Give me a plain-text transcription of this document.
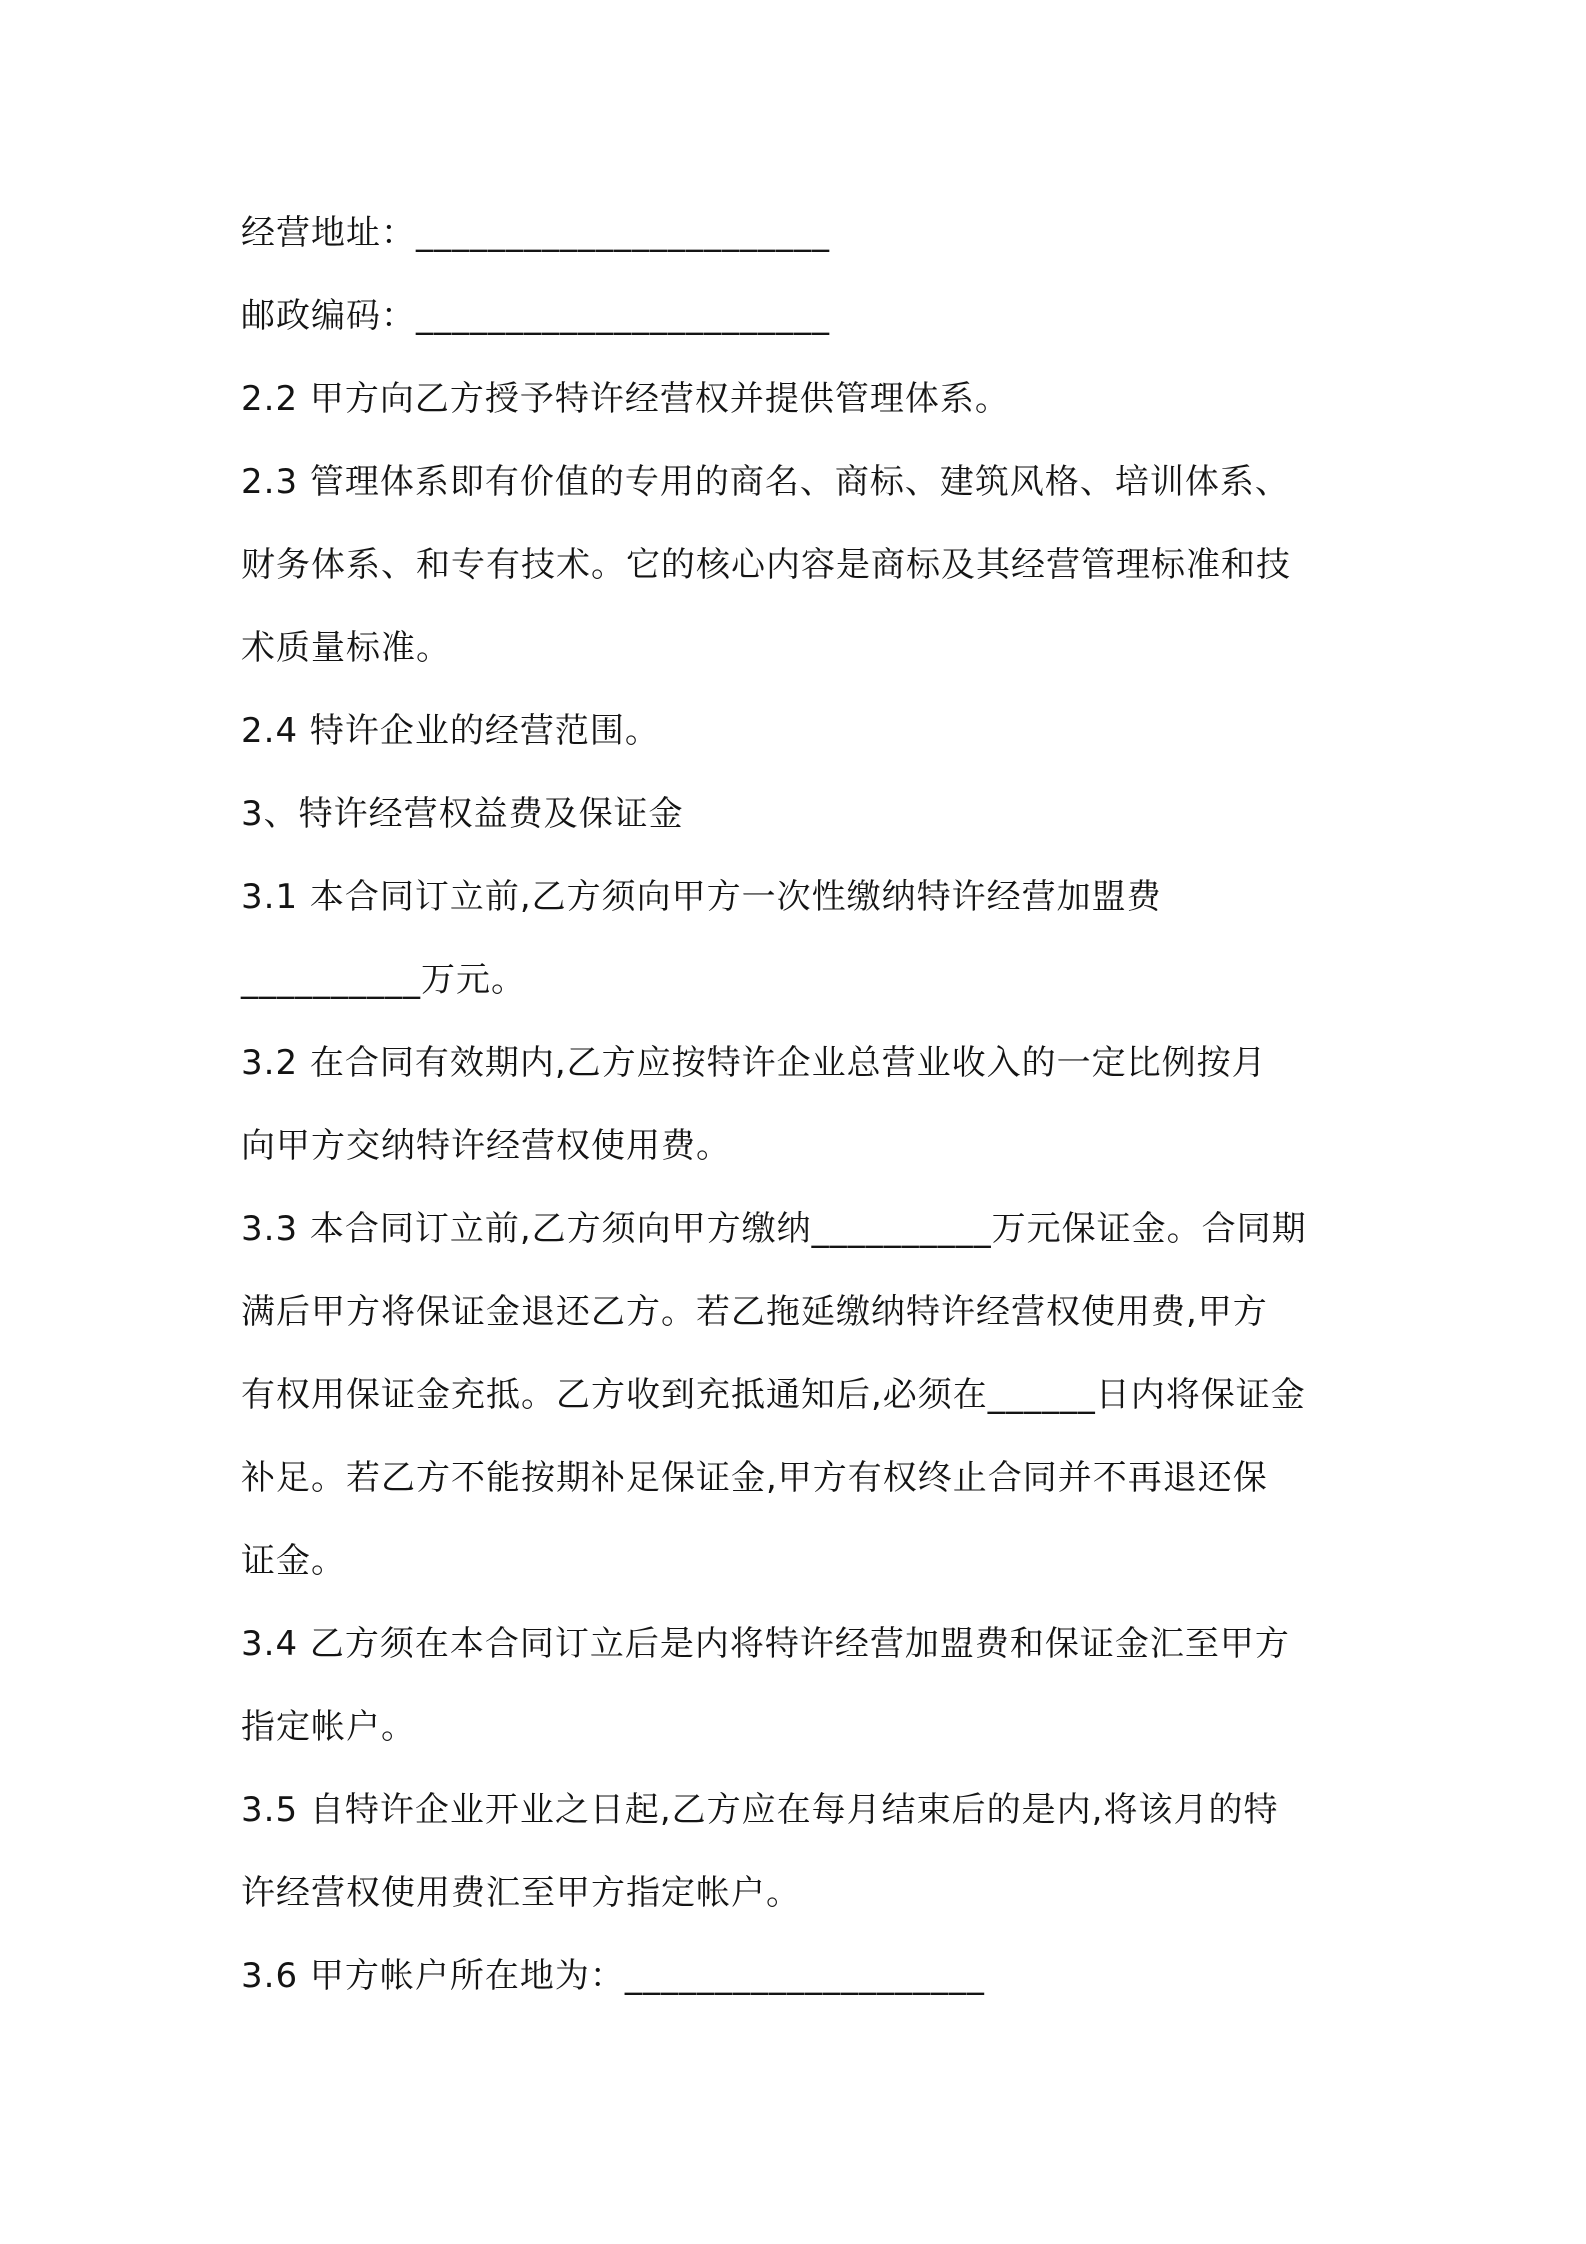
经营地址：_______________________
邮政编码：_______________________
2.2 甲方向乙方授予特许经营权并提供管理体系。
2.3 管理体系即有价值的专用的商名、商标、建筑风格、培训体系、
财务体系、和专有技术。它的核心内容是商标及其经营管理标准和技
术质量标准。
2.4 特许企业的经营范围。
3、特许经营权益费及保证金
3.1 本合同订立前,乙方须向甲方一次性缴纳特许经营加盟费
__________万元。
3.2 在合同有效期内,乙方应按特许企业总营业收入的一定比例按月
向甲方交纳特许经营权使用费。
3.3 本合同订立前,乙方须向甲方缴纳__________万元保证金。合同期
满后甲方将保证金退还乙方。若乙拖延缴纳特许经营权使用费,甲方
有权用保证金充抵。乙方收到充抵通知后,必须在______日内将保证金
补足。若乙方不能按期补足保证金,甲方有权终止合同并不再退还保
证金。
3.4 乙方须在本合同订立后是内将特许经营加盟费和保证金汇至甲方
指定帐户。
3.5 自特许企业开业之日起,乙方应在每月结束后的是内,将该月的特
许经营权使用费汇至甲方指定帐户。
3.6 甲方帐户所在地为：____________________
